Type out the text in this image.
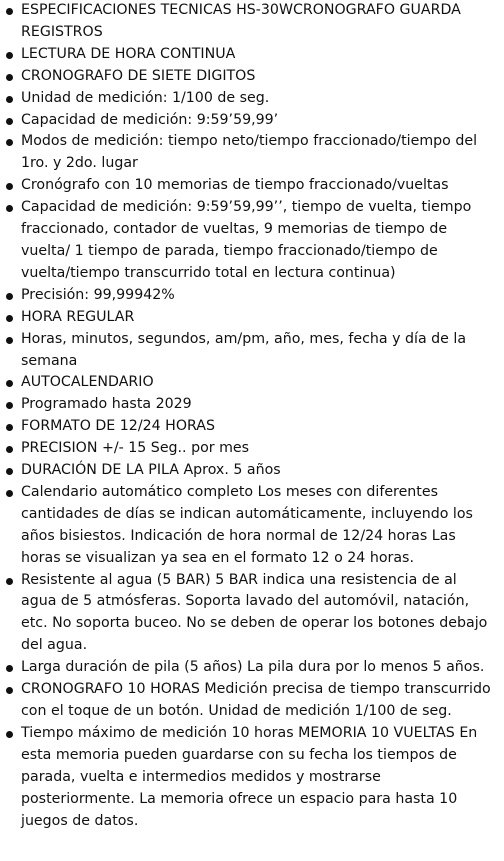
ESPECIFICACIONES TECNICAS HS-30WCRONOGRAFO GUARDA REGISTROS
LECTURA DE HORA CONTINUA
CRONOGRAFO DE SIETE DIGITOS
Unidad de medición: 1/100 de seg.
Capacidad de medición: 9:59’59,99’
Modos de medición: tiempo neto/tiempo fraccionado/tiempo del 1ro. y 2do. lugar
Cronógrafo con 10 memorias de tiempo fraccionado/vueltas
Capacidad de medición: 9:59’59,99’’, tiempo de vuelta, tiempo fraccionado, contador de vueltas, 9 memorias de tiempo de vuelta/ 1 tiempo de parada, tiempo fraccionado/tiempo de vuelta/tiempo transcurrido total en lectura continua)
Precisión: 99,99942%
HORA REGULAR
Horas, minutos, segundos, am/pm, año, mes, fecha y día de la semana
AUTOCALENDARIO
Programado hasta 2029
FORMATO DE 12/24 HORAS
PRECISION +/- 15 Seg.. por mes
DURACIÓN DE LA PILA Aprox. 5 años
Calendario automático completo Los meses con diferentes cantidades de días se indican automáticamente, incluyendo los años bisiestos. Indicación de hora normal de 12/24 horas Las horas se visualizan ya sea en el formato 12 o 24 horas.
Resistente al agua (5 BAR) 5 BAR indica una resistencia de al agua de 5 atmósferas. Soporta lavado del automóvil, natación, etc. No soporta buceo. No se deben de operar los botones debajo del agua.
Larga duración de pila (5 años) La pila dura por lo menos 5 años.
CRONOGRAFO 10 HORAS Medición precisa de tiempo transcurrido con el toque de un botón. Unidad de medición 1/100 de seg.
Tiempo máximo de medición 10 horas MEMORIA 10 VUELTAS En esta memoria pueden guardarse con su fecha los tiempos de parada, vuelta e intermedios medidos y mostrarse posteriormente. La memoria ofrece un espacio para hasta 10 juegos de datos.
